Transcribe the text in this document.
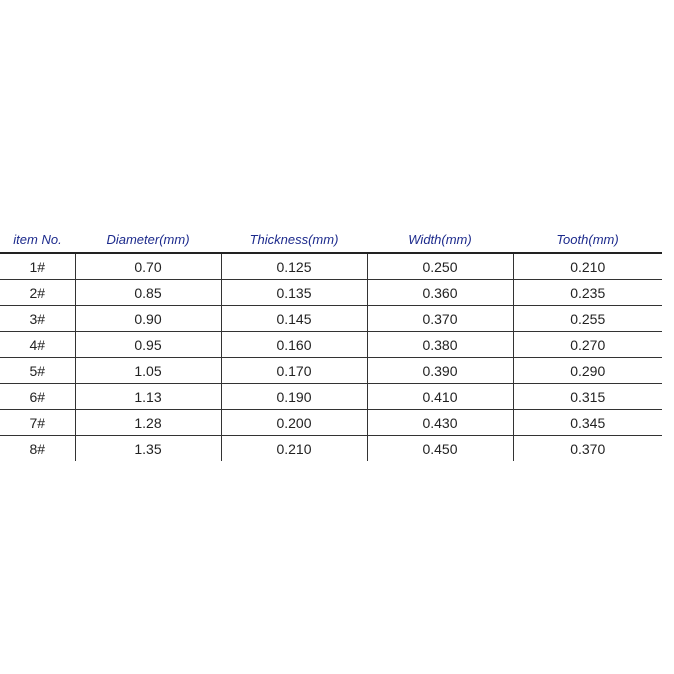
item No.	Diameter(mm)	Thickness(mm)	Width(mm)	Tooth(mm)
1#	0.70	0.125	0.250	0.210
2#	0.85	0.135	0.360	0.235
3#	0.90	0.145	0.370	0.255
4#	0.95	0.160	0.380	0.270
5#	1.05	0.170	0.390	0.290
6#	1.13	0.190	0.410	0.315
7#	1.28	0.200	0.430	0.345
8#	1.35	0.210	0.450	0.370
